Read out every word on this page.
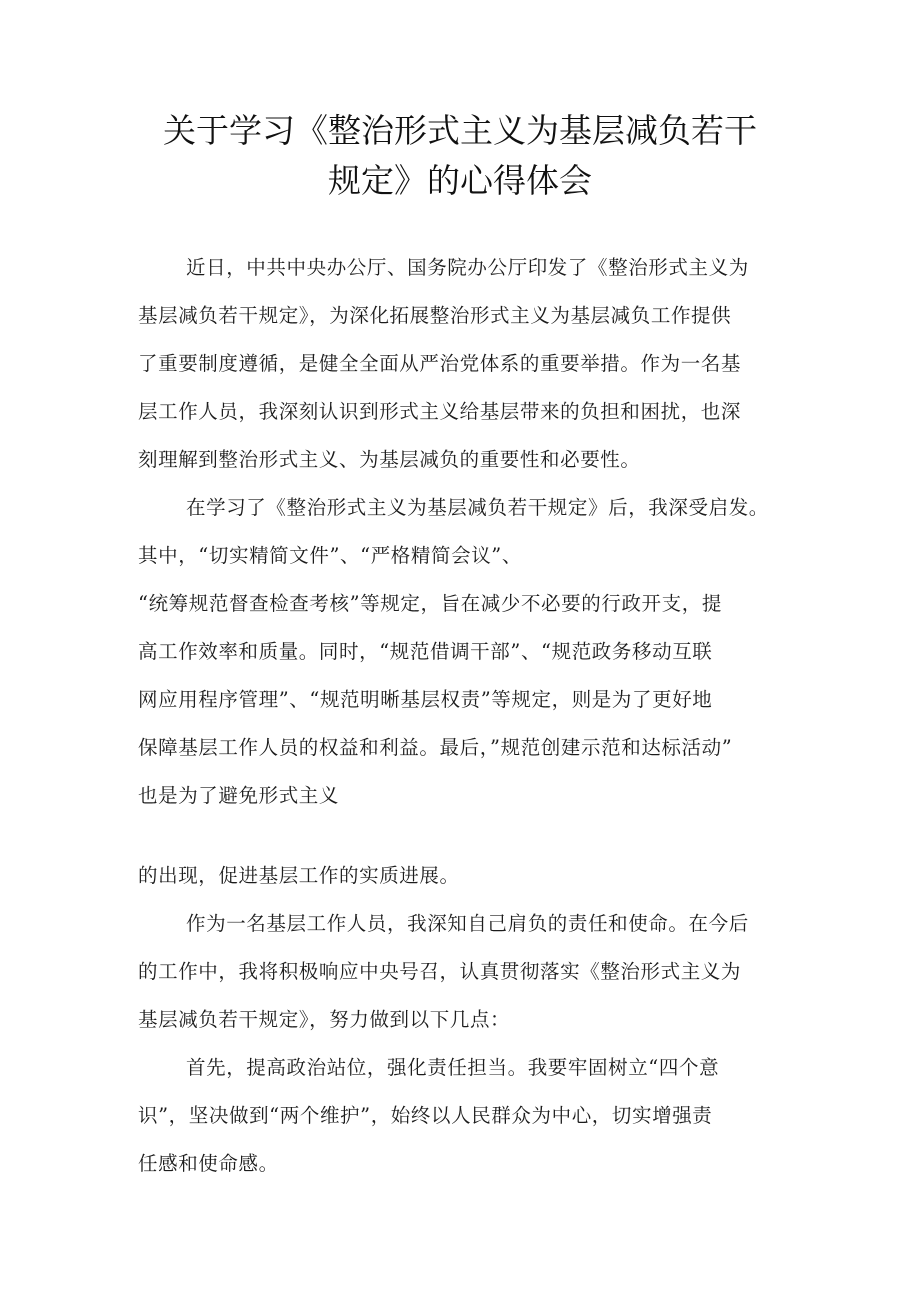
关于学习《整治形式主义为基层减负若干
规定》的心得体会
近日，中共中央办公厅、国务院办公厅印发了《整治形式主义为
基层减负若干规定》，为深化拓展整治形式主义为基层减负工作提供
了重要制度遵循，是健全全面从严治党体系的重要举措。作为一名基
层工作人员，我深刻认识到形式主义给基层带来的负担和困扰，也深
刻理解到整治形式主义、为基层减负的重要性和必要性。
在学习了《整治形式主义为基层减负若干规定》后，我深受启发。
其中，“切实精简文件”、“严格精简会议”、
“统筹规范督查检查考核”等规定，旨在减少不必要的行政开支，提
高工作效率和质量。同时，“规范借调干部”、“规范政务移动互联
网应用程序管理”、“规范明晰基层权责”等规定，则是为了更好地
保障基层工作人员的权益和利益。最后，”规范创建示范和达标活动”
也是为了避免形式主义
的出现，促进基层工作的实质进展。
作为一名基层工作人员，我深知自己肩负的责任和使命。在今后
的工作中，我将积极响应中央号召，认真贯彻落实《整治形式主义为
基层减负若干规定》，努力做到以下几点：
首先，提高政治站位，强化责任担当。我要牢固树立“四个意
识”，坚决做到“两个维护”，始终以人民群众为中心，切实增强责
任感和使命感。
